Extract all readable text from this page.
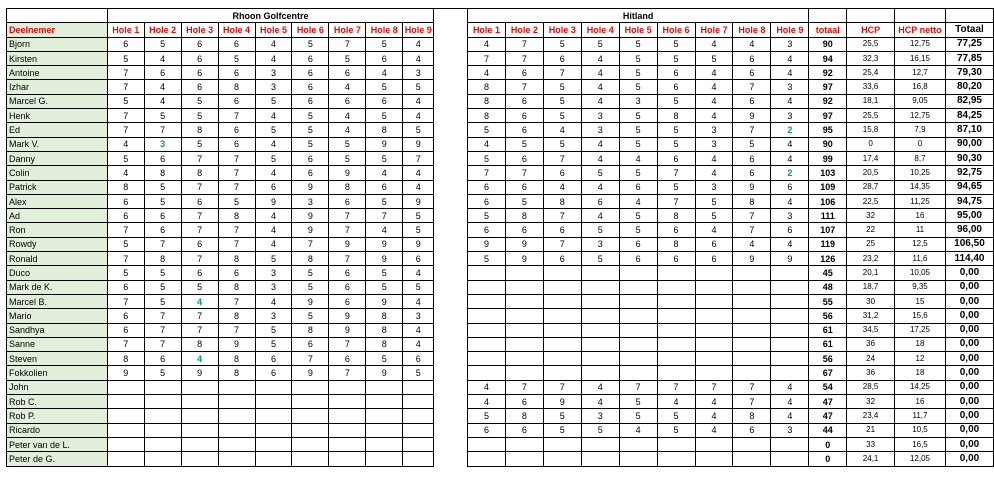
	Rhoon Golfcentre										Hitland												
Deelnemer	Hole 1	Hole 2	Hole 3	Hole 4	Hole 5	Hole 6	Hole 7	Hole 8	Hole 9		Hole 1	Hole 2	Hole 3	Hole 4	Hole 5	Hole 6	Hole 7	Hole 8	Hole 9	totaal	HCP	HCP netto	Totaal
Bjorn	6	5	6	6	4	5	7	5	4		4	7	5	5	5	5	4	4	3	90	25,5	12,75	77,25
Kirsten	5	4	6	5	4	6	5	6	4		7	7	6	4	5	5	5	6	4	94	32,3	16,15	77,85
Antoine	7	6	6	6	3	6	6	4	3		4	6	7	4	5	6	4	6	4	92	25,4	12,7	79,30
Izhar	7	4	6	8	3	6	4	5	5		8	7	5	4	5	6	4	7	3	97	33,6	16,8	80,20
Marcel G.	5	4	5	6	5	6	6	6	4		8	6	5	4	3	5	4	6	4	92	18,1	9,05	82,95
Henk	7	5	5	7	4	5	4	5	4		8	6	5	3	5	8	4	9	3	97	25,5	12,75	84,25
Ed	7	7	8	6	5	5	4	8	5		5	6	4	3	5	5	3	7	2	95	15,8	7,9	87,10
Mark V.	4	3	5	6	4	5	5	9	9		4	5	5	4	5	5	3	5	4	90	0	0	90,00
Danny	5	6	7	7	5	6	5	5	7		5	6	7	4	4	6	4	6	4	99	17,4	8,7	90,30
Colin	4	8	8	7	4	6	9	4	4		7	7	6	5	5	7	4	6	2	103	20,5	10,25	92,75
Patrick	8	5	7	7	6	9	8	6	4		6	6	4	4	6	5	3	9	6	109	28,7	14,35	94,65
Alex	6	5	6	5	9	3	6	5	9		6	5	8	6	4	7	5	8	4	106	22,5	11,25	94,75
Ad	6	6	7	8	4	9	7	7	5		5	8	7	4	5	8	5	7	3	111	32	16	95,00
Ron	7	6	7	7	4	9	7	4	5		6	6	6	5	5	6	4	7	6	107	22	11	96,00
Rowdy	5	7	6	7	4	7	9	9	9		9	9	7	3	6	8	6	4	4	119	25	12,5	106,50
Ronald	7	8	7	8	5	8	7	9	6		5	9	6	5	6	6	6	9	9	126	23,2	11,6	114,40
Duco	5	5	6	6	3	5	6	5	4											45	20,1	10,05	0,00
Mark de K.	6	5	5	8	3	5	6	5	5											48	18,7	9,35	0,00
Marcel B.	7	5	4	7	4	9	6	9	4											55	30	15	0,00
Mario	6	7	7	8	3	5	9	8	3											56	31,2	15,6	0,00
Sandhya	6	7	7	7	5	8	9	8	4											61	34,5	17,25	0,00
Sanne	7	7	8	9	5	6	7	8	4											61	36	18	0,00
Steven	8	6	4	8	6	7	6	5	6											56	24	12	0,00
Fokkolien	9	5	9	8	6	9	7	9	5											67	36	18	0,00
John											4	7	7	4	7	7	7	7	4	54	28,5	14,25	0,00
Rob C.											4	6	9	4	5	4	4	7	4	47	32	16	0,00
Rob P.											5	8	5	3	5	5	4	8	4	47	23,4	11,7	0,00
Ricardo											6	6	5	5	4	5	4	6	3	44	21	10,5	0,00
Peter van de L.																				0	33	16,5	0,00
Peter de G.																				0	24,1	12,05	0,00
